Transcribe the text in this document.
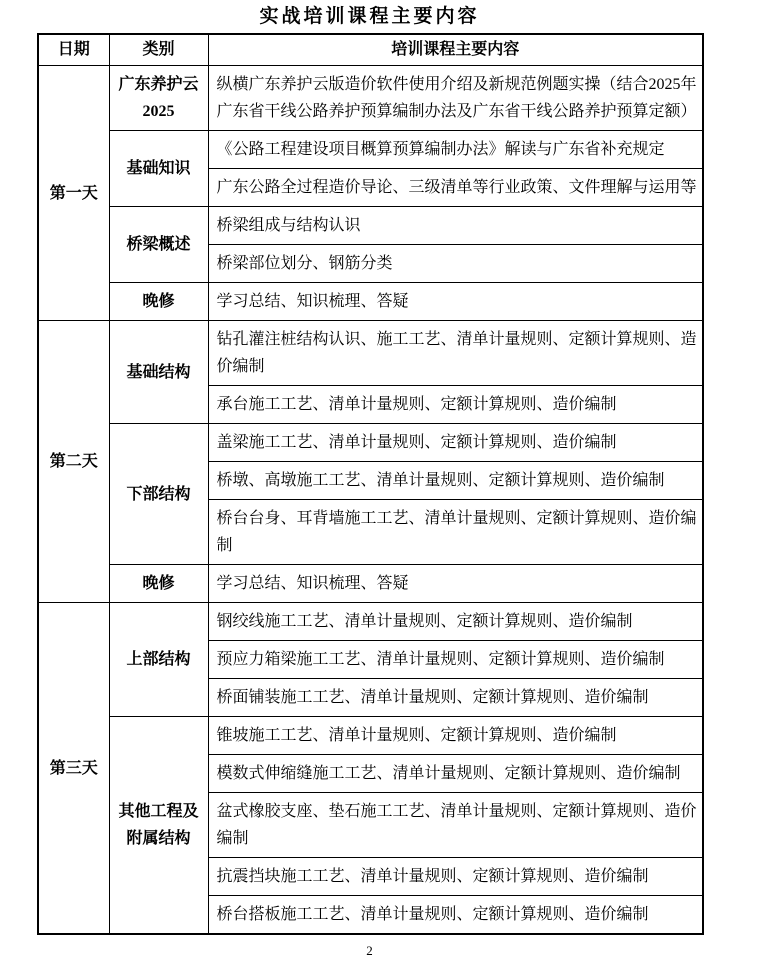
实战培训课程主要内容
日期	类别	培训课程主要内容
第一天	广东养护云2025	纵横广东养护云版造价软件使用介绍及新规范例题实操（结合2025年广东省干线公路养护预算编制办法及广东省干线公路养护预算定额）
	基础知识	《公路工程建设项目概算预算编制办法》解读与广东省补充规定
		广东公路全过程造价导论、三级清单等行业政策、文件理解与运用等
	桥梁概述	桥梁组成与结构认识
		桥梁部位划分、钢筋分类
	晚修	学习总结、知识梳理、答疑
第二天	基础结构	钻孔灌注桩结构认识、施工工艺、清单计量规则、定额计算规则、造价编制
		承台施工工艺、清单计量规则、定额计算规则、造价编制
	下部结构	盖梁施工工艺、清单计量规则、定额计算规则、造价编制
		桥墩、高墩施工工艺、清单计量规则、定额计算规则、造价编制
		桥台台身、耳背墙施工工艺、清单计量规则、定额计算规则、造价编制
	晚修	学习总结、知识梳理、答疑
第三天	上部结构	钢绞线施工工艺、清单计量规则、定额计算规则、造价编制
		预应力箱梁施工工艺、清单计量规则、定额计算规则、造价编制
		桥面铺装施工工艺、清单计量规则、定额计算规则、造价编制
	其他工程及附属结构	锥坡施工工艺、清单计量规则、定额计算规则、造价编制
		模数式伸缩缝施工工艺、清单计量规则、定额计算规则、造价编制
		盆式橡胶支座、垫石施工工艺、清单计量规则、定额计算规则、造价编制
		抗震挡块施工工艺、清单计量规则、定额计算规则、造价编制
		桥台搭板施工工艺、清单计量规则、定额计算规则、造价编制
2
